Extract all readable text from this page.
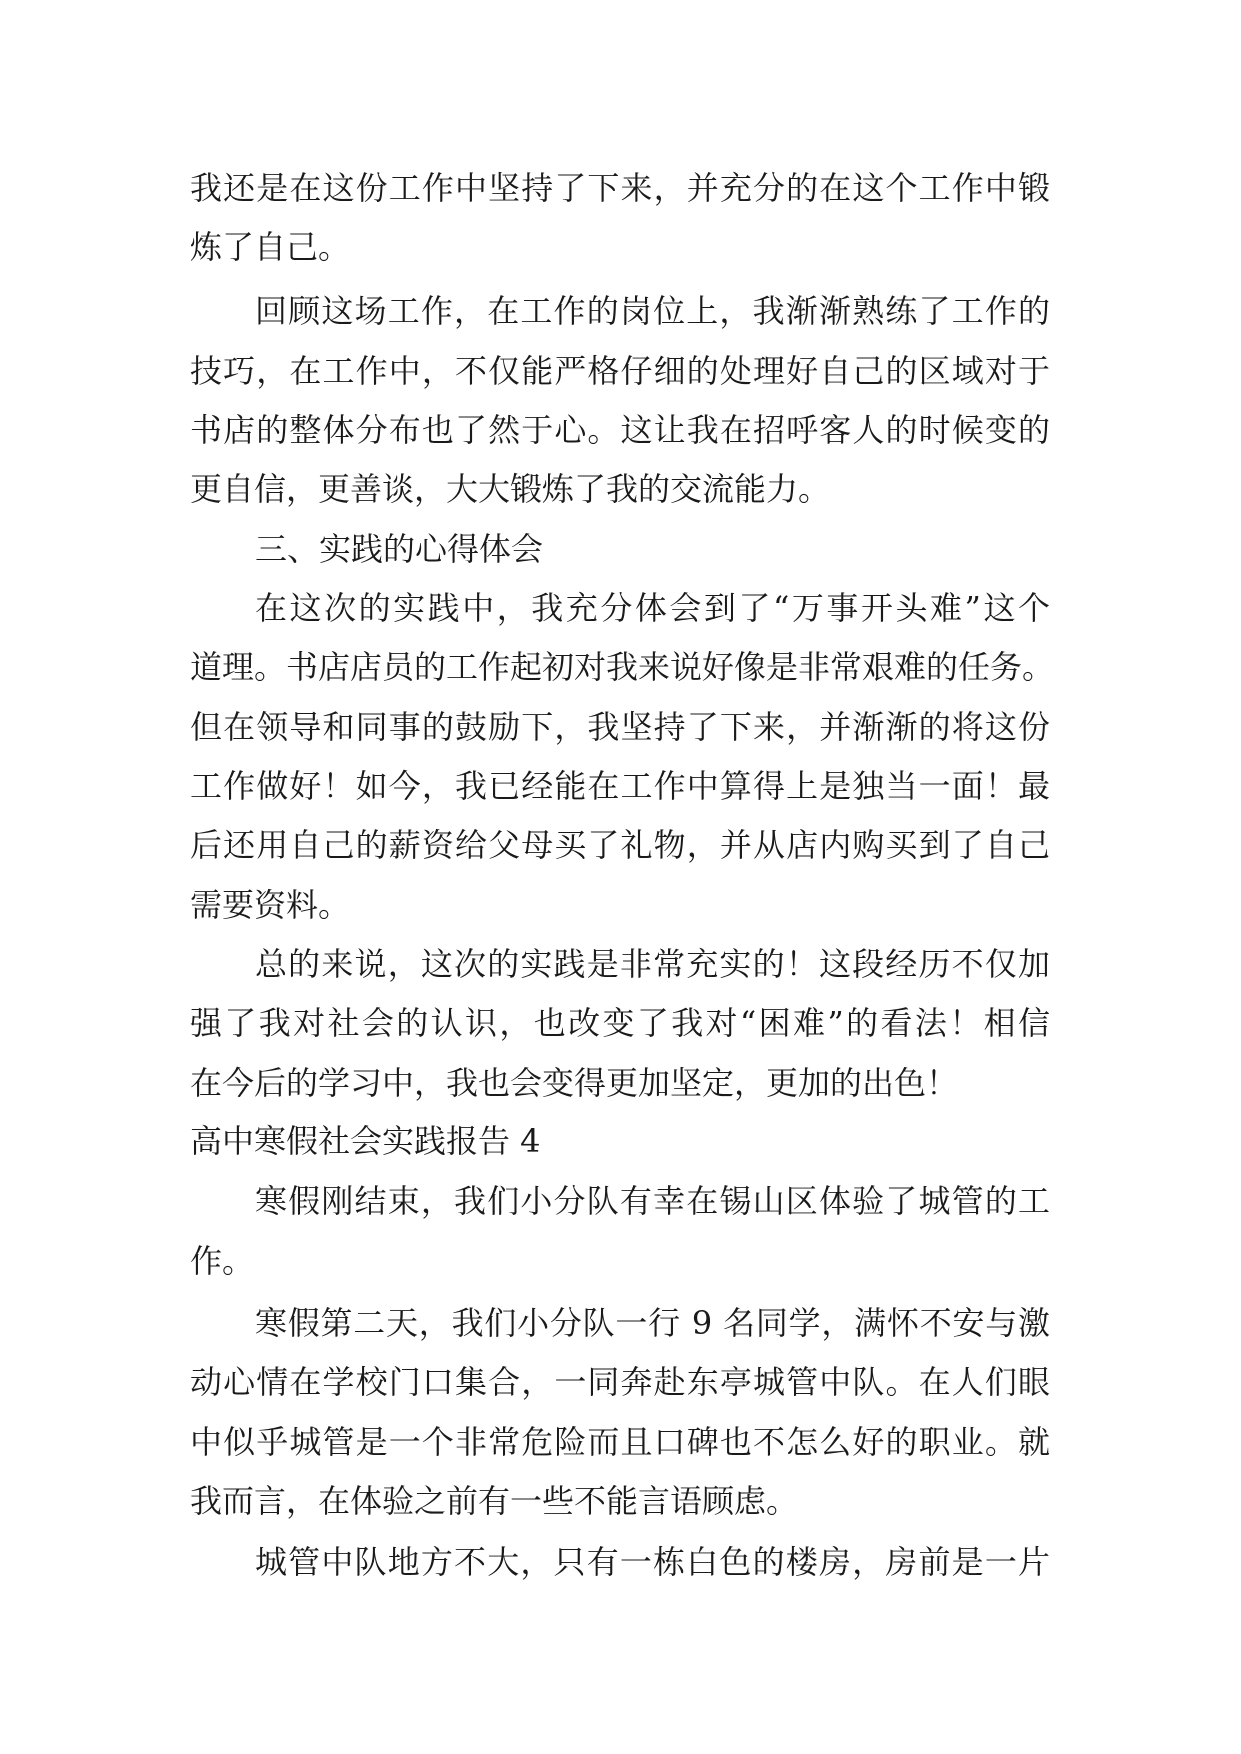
我还是在这份工作中坚持了下来，并充分的在这个工作中锻
炼了自己。
回顾这场工作，在工作的岗位上，我渐渐熟练了工作的
技巧，在工作中，不仅能严格仔细的处理好自己的区域对于
书店的整体分布也了然于心。这让我在招呼客人的时候变的
更自信，更善谈，大大锻炼了我的交流能力。
三、实践的心得体会
在这次的实践中，我充分体会到了“万事开头难”这个
道理。书店店员的工作起初对我来说好像是非常艰难的任务。
但在领导和同事的鼓励下，我坚持了下来，并渐渐的将这份
工作做好！如今，我已经能在工作中算得上是独当一面！最
后还用自己的薪资给父母买了礼物，并从店内购买到了自己
需要资料。
总的来说，这次的实践是非常充实的！这段经历不仅加
强了我对社会的认识，也改变了我对“困难”的看法！相信
在今后的学习中，我也会变得更加坚定，更加的出色！
高中寒假社会实践报告 4
寒假刚结束，我们小分队有幸在锡山区体验了城管的工
作。
寒假第二天，我们小分队一行 9 名同学，满怀不安与激
动心情在学校门口集合，一同奔赴东亭城管中队。在人们眼
中似乎城管是一个非常危险而且口碑也不怎么好的职业。就
我而言，在体验之前有一些不能言语顾虑。
城管中队地方不大，只有一栋白色的楼房，房前是一片
